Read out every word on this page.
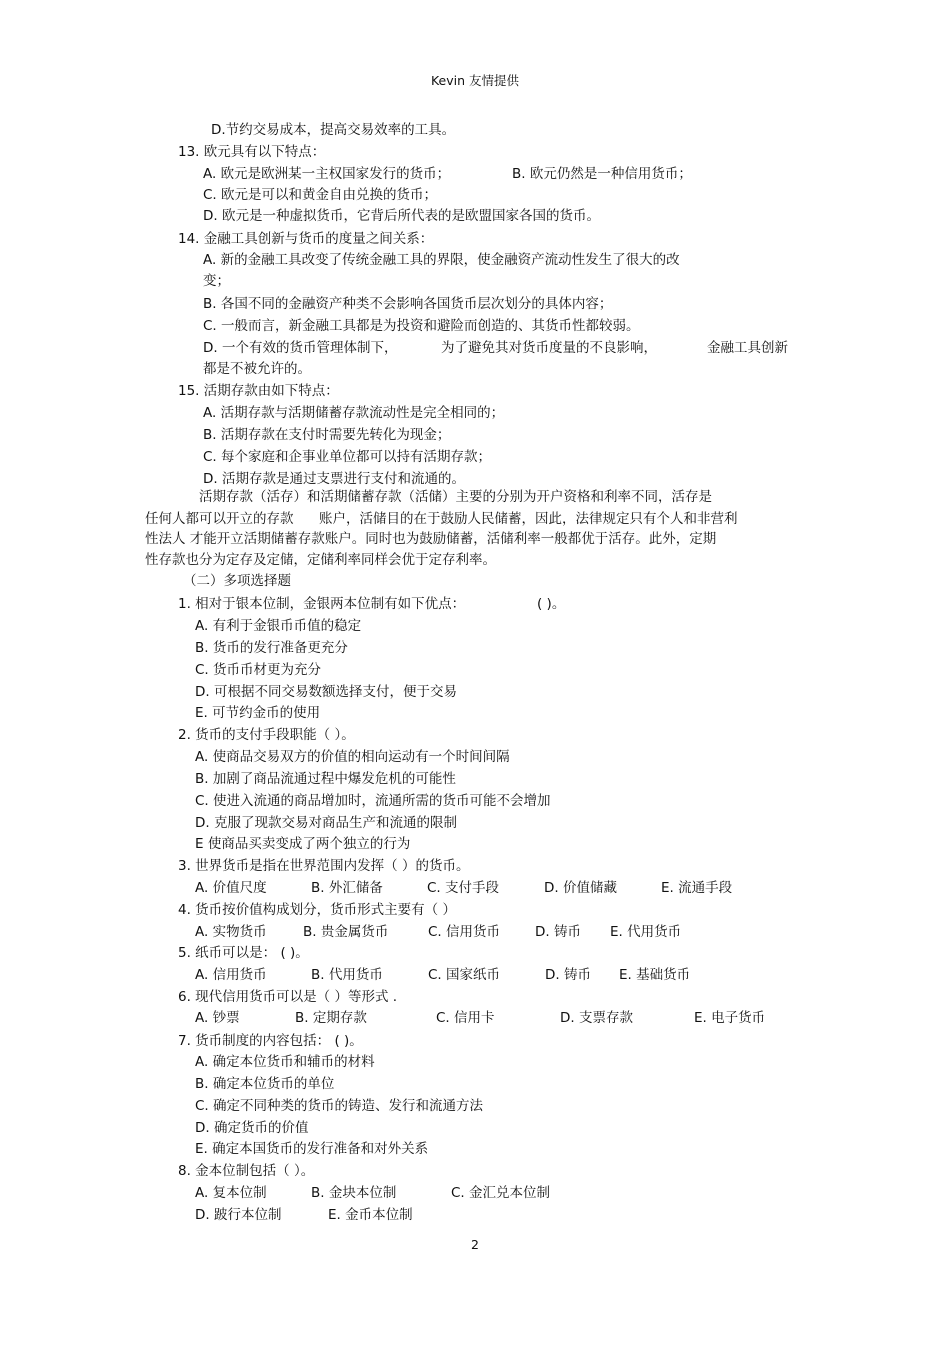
Kevin 友情提供
D.节约交易成本，提高交易效率的工具。
13. 欧元具有以下特点：
A. 欧元是欧洲某一主权国家发行的货币；	B. 欧元仍然是一种信用货币；
C. 欧元是可以和黄金自由兑换的货币；
D. 欧元是一种虚拟货币，它背后所代表的是欧盟国家各国的货币。
14. 金融工具创新与货币的度量之间关系：
A. 新的金融工具改变了传统金融工具的界限，使金融资产流动性发生了很大的改
变；
B. 各国不同的金融资产种类不会影响各国货币层次划分的具体内容；
C. 一般而言，新金融工具都是为投资和避险而创造的、其货币性都较弱。
D. 一个有效的货币管理体制下，	为了避免其对货币度量的不良影响，	金融工具创新
都是不被允许的。
15. 活期存款由如下特点：
A. 活期存款与活期储蓄存款流动性是完全相同的；
B. 活期存款在支付时需要先转化为现金；
C. 每个家庭和企事业单位都可以持有活期存款；
D. 活期存款是通过支票进行支付和流通的。
活期存款（活存）和活期储蓄存款（活储）主要的分别为开户资格和利率不同，活存是
任何人都可以开立的存款 账户，活储目的在于鼓励人民储蓄，因此，法律规定只有个人和非营利
性法人 才能开立活期储蓄存款账户。同时也为鼓励储蓄，活储利率一般都优于活存。此外，定期
性存款也分为定存及定储，定储利率同样会优于定存利率。
（二）多项选择题
1. 相对于银本位制，金银两本位制有如下优点：	( )。
A. 有利于金银币币值的稳定
B. 货币的发行准备更充分
C. 货币币材更为充分
D. 可根据不同交易数额选择支付，便于交易
E. 可节约金币的使用
2. 货币的支付手段职能（ ）。
A. 使商品交易双方的价值的相向运动有一个时间间隔
B. 加剧了商品流通过程中爆发危机的可能性
C. 使进入流通的商品增加时，流通所需的货币可能不会增加
D. 克服了现款交易对商品生产和流通的限制
E 使商品买卖变成了两个独立的行为
3. 世界货币是指在世界范围内发挥（ ）的货币。
A. 价值尺度	B. 外汇储备	C. 支付手段	D. 价值储藏	E. 流通手段
4. 货币按价值构成划分，货币形式主要有（ ）
A. 实物货币	B. 贵金属货币	C. 信用货币	D. 铸币 E. 代用货币
5. 纸币可以是： ( )。
A. 信用货币	B. 代用货币	C. 国家纸币	D. 铸币 E. 基础货币
6. 现代信用货币可以是（ ）等形式 .
A. 钞票	B. 定期存款	C. 信用卡	D. 支票存款	E. 电子货币
7. 货币制度的内容包括： ( )。
A. 确定本位货币和辅币的材料
B. 确定本位货币的单位
C. 确定不同种类的货币的铸造、发行和流通方法
D. 确定货币的价值
E. 确定本国货币的发行准备和对外关系
8. 金本位制包括（ ）。
A. 复本位制	B. 金块本位制	C. 金汇兑本位制
D. 跛行本位制	E. 金币本位制
2
